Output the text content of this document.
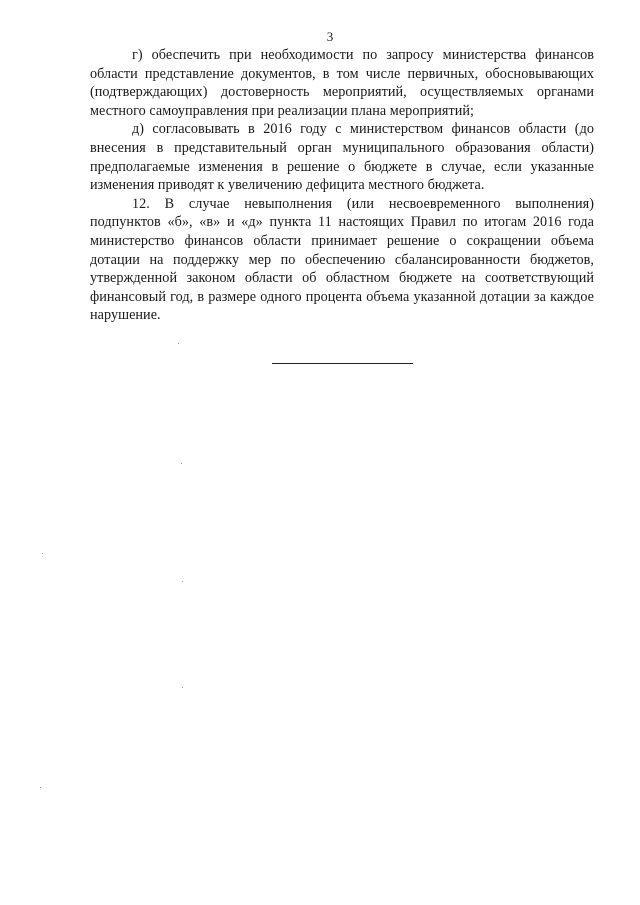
3

г) обеспечить при необходимости по запросу министерства финансов области представление документов, в том числе первичных, обосновывающих (подтверждающих) достоверность мероприятий, осуществляемых органами местного самоуправления при реализации плана мероприятий;

д) согласовывать в 2016 году с министерством финансов области (до внесения в представительный орган муниципального образования области) предполагаемые изменения в решение о бюджете в случае, если указанные изменения приводят к увеличению дефицита местного бюджета.

12. В случае невыполнения (или несвоевременного выполнения) подпунктов «б», «в» и «д» пункта 11 настоящих Правил по итогам 2016 года министерство финансов области принимает решение о сокращении объема дотации на поддержку мер по обеспечению сбалансированности бюджетов, утвержденной законом области об областном бюджете на соответствующий финансовый год, в размере одного процента объема указанной дотации за каждое нарушение.
